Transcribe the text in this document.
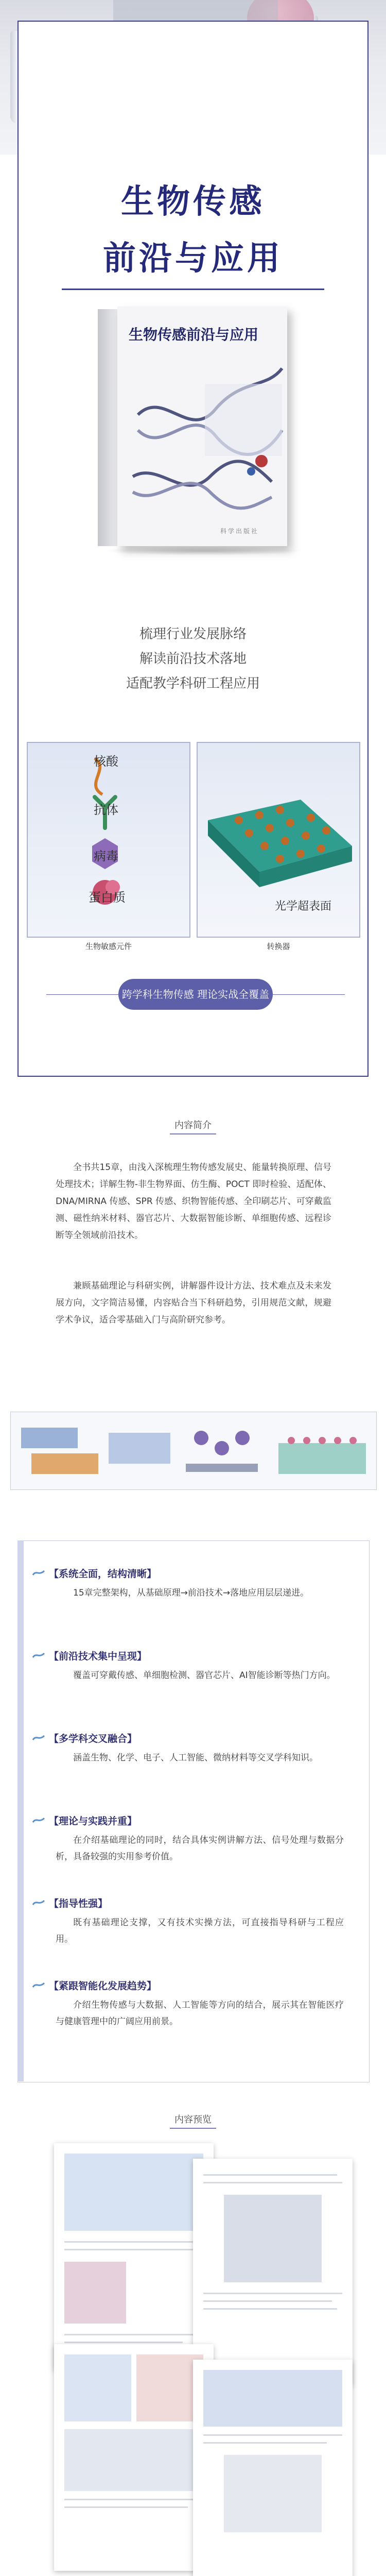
生物传感
前沿与应用
科 学 出 版 社
生物传感前沿与应用
梳理行业发展脉络
解读前沿技术落地
适配教学科研工程应用
核酸
抗体
病毒
蛋白质
生物敏感元件
光学超表面
转换器
跨学科生物传感 理论实战全覆盖
内容简介
全书共15章，由浅入深梳理生物传感发展史、能量转换原理、信号处理技术；详解生物-非生物界面、仿生酶、POCT 即时检验、适配体、DNA/MIRNA 传感、SPR 传感、织物智能传感、全印刷芯片、可穿戴监测、磁性纳米材料、器官芯片、大数据智能诊断、单细胞传感、远程诊断等全领域前沿技术。
兼顾基础理论与科研实例，讲解器件设计方法、技术难点及未来发展方向，文字简洁易懂，内容贴合当下科研趋势，引用规范文献，规避学术争议，适合零基础入门与高阶研究参考。
【系统全面，结构清晰】
15章完整架构，从基础原理→前沿技术→落地应用层层递进。
【前沿技术集中呈现】
覆盖可穿戴传感、单细胞检测、器官芯片、AI智能诊断等热门方向。
【多学科交叉融合】
涵盖生物、化学、电子、人工智能、微纳材料等交叉学科知识。
【理论与实践并重】
在介绍基础理论的同时，结合具体实例讲解方法、信号处理与数据分析，具备较强的实用参考价值。
【指导性强】
既有基础理论支撑，又有技术实操方法，可直接指导科研与工程应用。
【紧跟智能化发展趋势】
介绍生物传感与大数据、人工智能等方向的结合，展示其在智能医疗与健康管理中的广阔应用前景。
内容预览
